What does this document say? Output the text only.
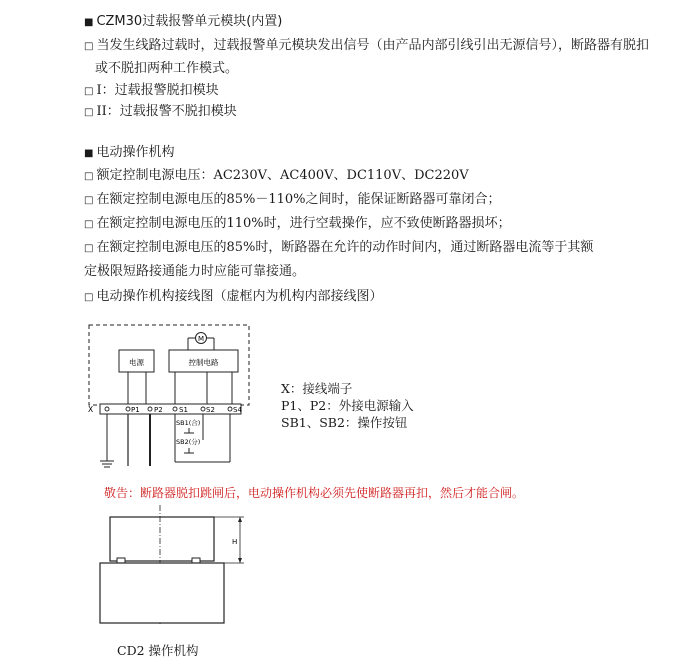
■ CZM30过载报警单元模块(内置)
□ 当发生线路过载时，过载报警单元模块发出信号（由产品内部引线引出无源信号），断路器有脱扣
或不脱扣两种工作模式。
□ I：过载报警脱扣模块
□ II：过载报警不脱扣模块
■ 电动操作机构
□ 额定控制电源电压：AC230V、AC400V、DC110V、DC220V
□ 在额定控制电源电压的85%－110%之间时，能保证断路器可靠闭合；
□ 在额定控制电源电压的110%时，进行空载操作，应不致使断路器损坏；
□ 在额定控制电源电压的85%时，断路器在允许的动作时间内，通过断路器电流等于其额
定极限短路接通能力时应能可靠接通。
□ 电动操作机构接线图（虚框内为机构内部接线图）
M
电源	控制电路
X	P1 P2 S1	S2	S4
SB1(合)
SB2(分)
X：接线端子
P1、P2：外接电源输入
SB1、SB2：操作按钮
敬告：断路器脱扣跳闸后，电动操作机构必须先使断路器再扣，然后才能合闸。
H
CD2 操作机构
